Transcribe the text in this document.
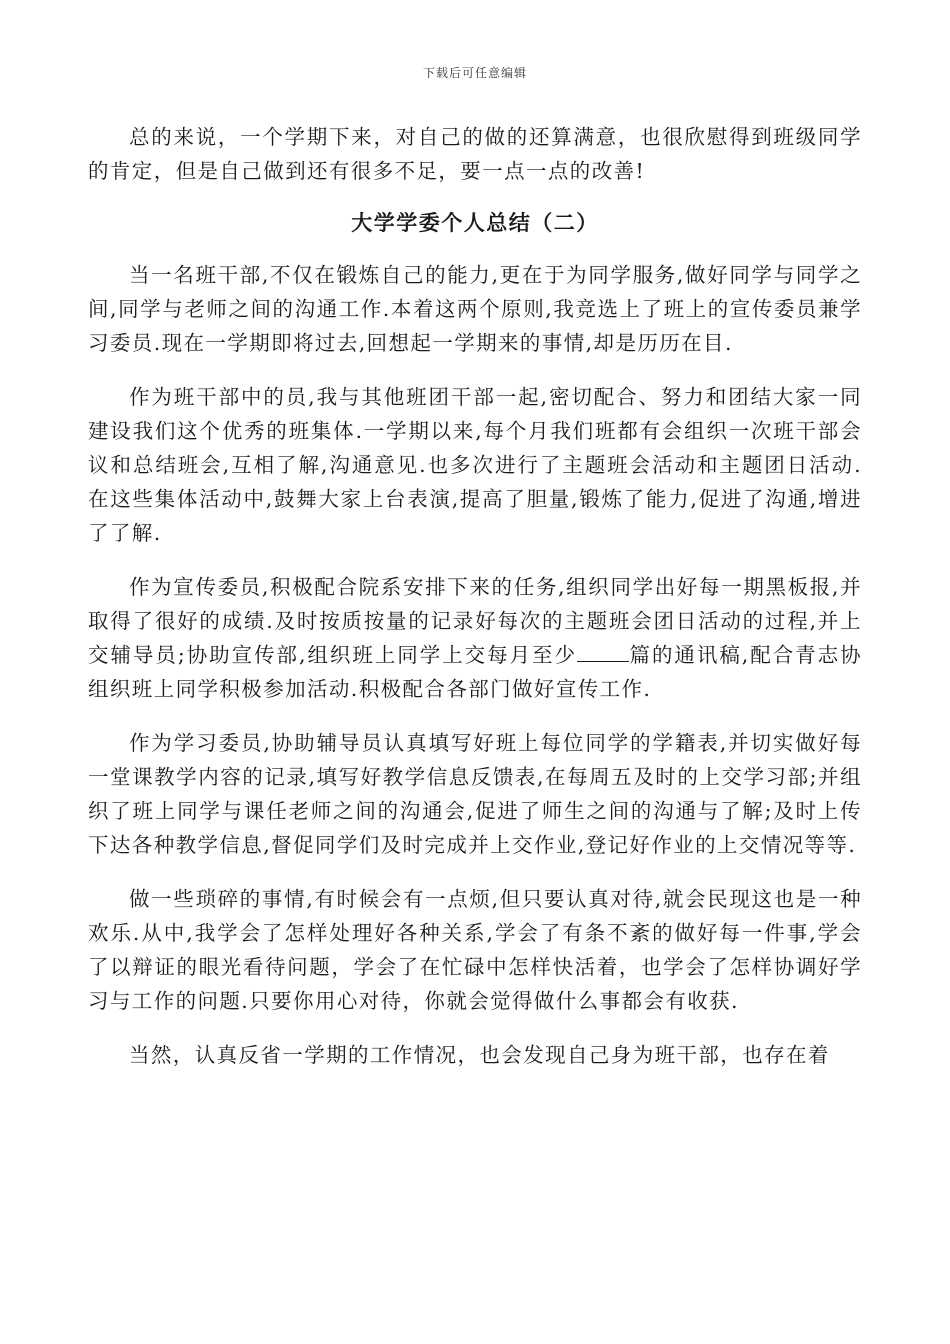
下载后可任意编辑

总的来说，一个学期下来，对自己的做的还算满意，也很欣慰得到班级同学的肯定，但是自己做到还有很多不足，要一点一点的改善!

大学学委个人总结（二）

当一名班干部,不仅在锻炼自己的能力,更在于为同学服务,做好同学与同学之间,同学与老师之间的沟通工作.本着这两个原则,我竞选上了班上的宣传委员兼学习委员.现在一学期即将过去,回想起一学期来的事情,却是历历在目.

作为班干部中的员,我与其他班团干部一起,密切配合、努力和团结大家一同建设我们这个优秀的班集体.一学期以来,每个月我们班都有会组织一次班干部会议和总结班会,互相了解,沟通意见.也多次进行了主题班会活动和主题团日活动.在这些集体活动中,鼓舞大家上台表演,提高了胆量,锻炼了能力,促进了沟通,增进了了解.

作为宣传委员,积极配合院系安排下来的任务,组织同学出好每一期黑板报,并取得了很好的成绩.及时按质按量的记录好每次的主题班会团日活动的过程,并上交辅导员;协助宣传部,组织班上同学上交每月至少	篇的通讯稿,配合青志协组织班上同学积极参加活动.积极配合各部门做好宣传工作.

作为学习委员,协助辅导员认真填写好班上每位同学的学籍表,并切实做好每一堂课教学内容的记录,填写好教学信息反馈表,在每周五及时的上交学习部;并组织了班上同学与课任老师之间的沟通会,促进了师生之间的沟通与了解;及时上传下达各种教学信息,督促同学们及时完成并上交作业,登记好作业的上交情况等等.

做一些琐碎的事情,有时候会有一点烦,但只要认真对待,就会民现这也是一种欢乐.从中,我学会了怎样处理好各种关系,学会了有条不紊的做好每一件事,学会了以辩证的眼光看待问题，学会了在忙碌中怎样快活着，也学会了怎样协调好学习与工作的问题.只要你用心对待，你就会觉得做什么事都会有收获.

当然，认真反省一学期的工作情况，也会发现自己身为班干部，也存在着
